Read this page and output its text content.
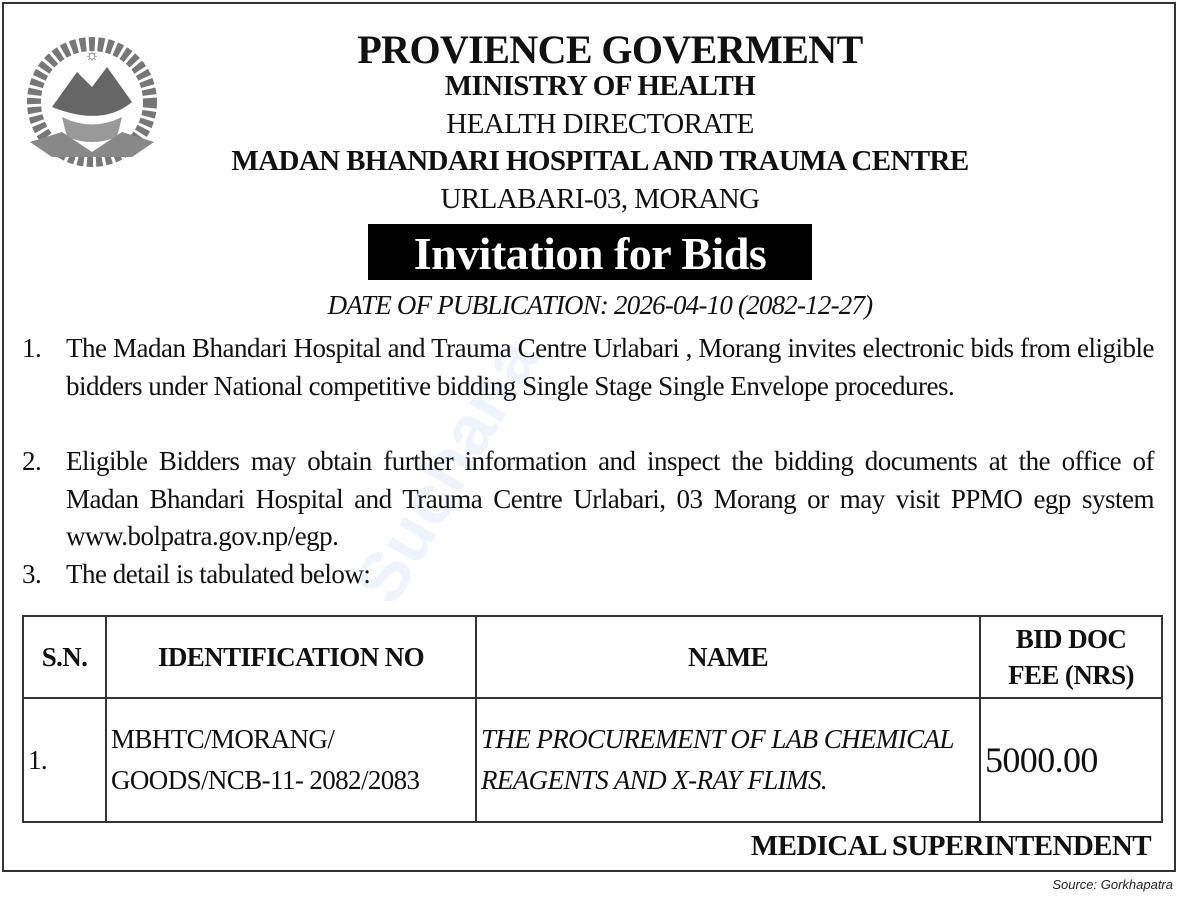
Suchana
☼	PROVIENCE GOVERMENT
MINISTRY OF HEALTH
HEALTH DIRECTORATE
MADAN BHANDARI HOSPITAL AND TRAUMA CENTRE
URLABARI-03, MORANG
Invitation for Bids
DATE OF PUBLICATION: 2026-04-10 (2082-12-27)
1. The Madan Bhandari Hospital and Trauma Centre Urlabari , Morang invites electronic bids from eligible bidders under National competitive bidding Single Stage Single Envelope procedures.
2. Eligible Bidders may obtain further information and inspect the bidding documents at the office of Madan Bhandari Hospital and Trauma Centre Urlabari, 03 Morang or may visit PPMO egp system www.bolpatra.gov.np/egp.
3. The detail is tabulated below:
S.N.	IDENTIFICATION NO	NAME	BID DOC FEE (NRS)
1.	MBHTC/MORANG/ GOODS/NCB-11- 2082/2083	THE PROCUREMENT OF LAB CHEMICAL REAGENTS AND X-RAY FLIMS.	5000.00
MEDICAL SUPERINTENDENT
Source: Gorkhapatra
